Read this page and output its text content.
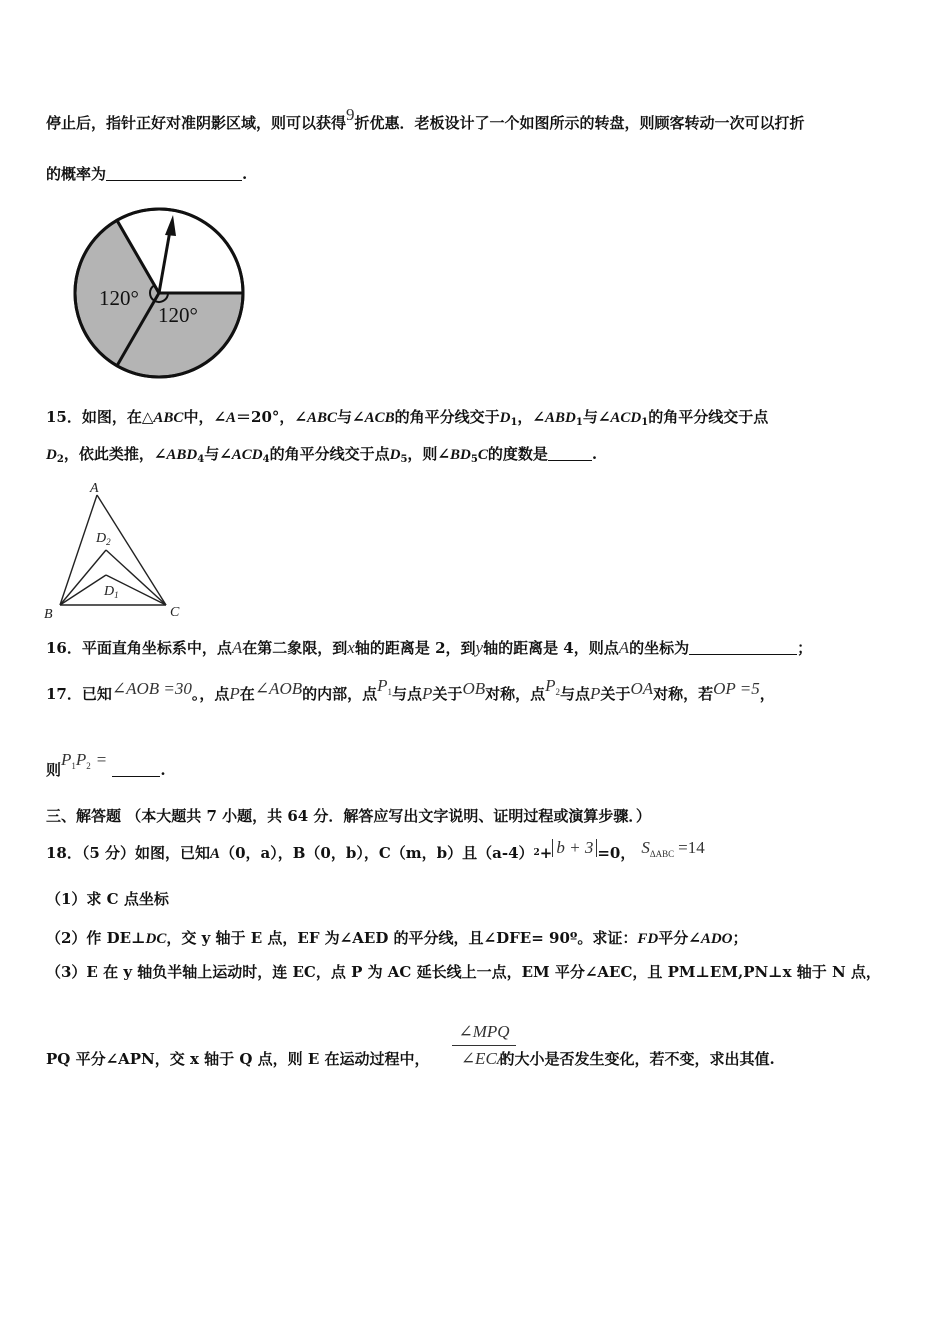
停止后，指针正好对准阴影区域，则可以获得9折优惠．老板设计了一个如图所示的转盘，则顾客转动一次可以打折
的概率为	.
120°
120°
15．如图，在△ABC中，∠A＝20°，∠ABC与∠ACB的角平分线交于$D_1$，$\angle ABD_1$与$\angle ACD_1$的角平分线交于点
$D_2$，依此类推，$\angle ABD_4$与$\angle ACD_4$的角平分线交于点$D_5$，则$\angle BD_5C$的度数是	.
A
B	C
$D_2$
$D_1$
16．平面直角坐标系中，点A在第二象限，到x轴的距离是 2，到y轴的距离是 4，则点A的坐标为	；
17．已知∠AOB =30。，点P在∠AOB的内部，点$P_1$与点P关于OB对称，点$P_2$与点P关于OA对称，若OP =5，
则$P_1P_2$ =.
三、解答题 （本大题共 7 小题，共 64 分．解答应写出文字说明、证明过程或演算步骤．）
18．（5 分）如图，已知A（0，a），B（0，b），C（m，b）且$(a-4)^2+ b + 3 =0$， $S_{\Delta ABC} =14$
（1）求 C 点坐标
（2）作 DE⊥DC，交 y 轴于 E 点，EF 为∠AED 的平分线，且∠DFE= 90º。求证：FD平分∠ADO；
（3）E 在 y 轴负半轴上运动时，连 EC，点 P 为 AC 延长线上一点，EM 平分∠AEC，且 PM⊥EM,PN⊥x 轴于 N 点，
PQ 平分∠APN，交 x 轴于 Q 点，则 E 在运动过程中，	的大小是否发生变化，若不变，求出其值.
∠MPQ
∠ECA
